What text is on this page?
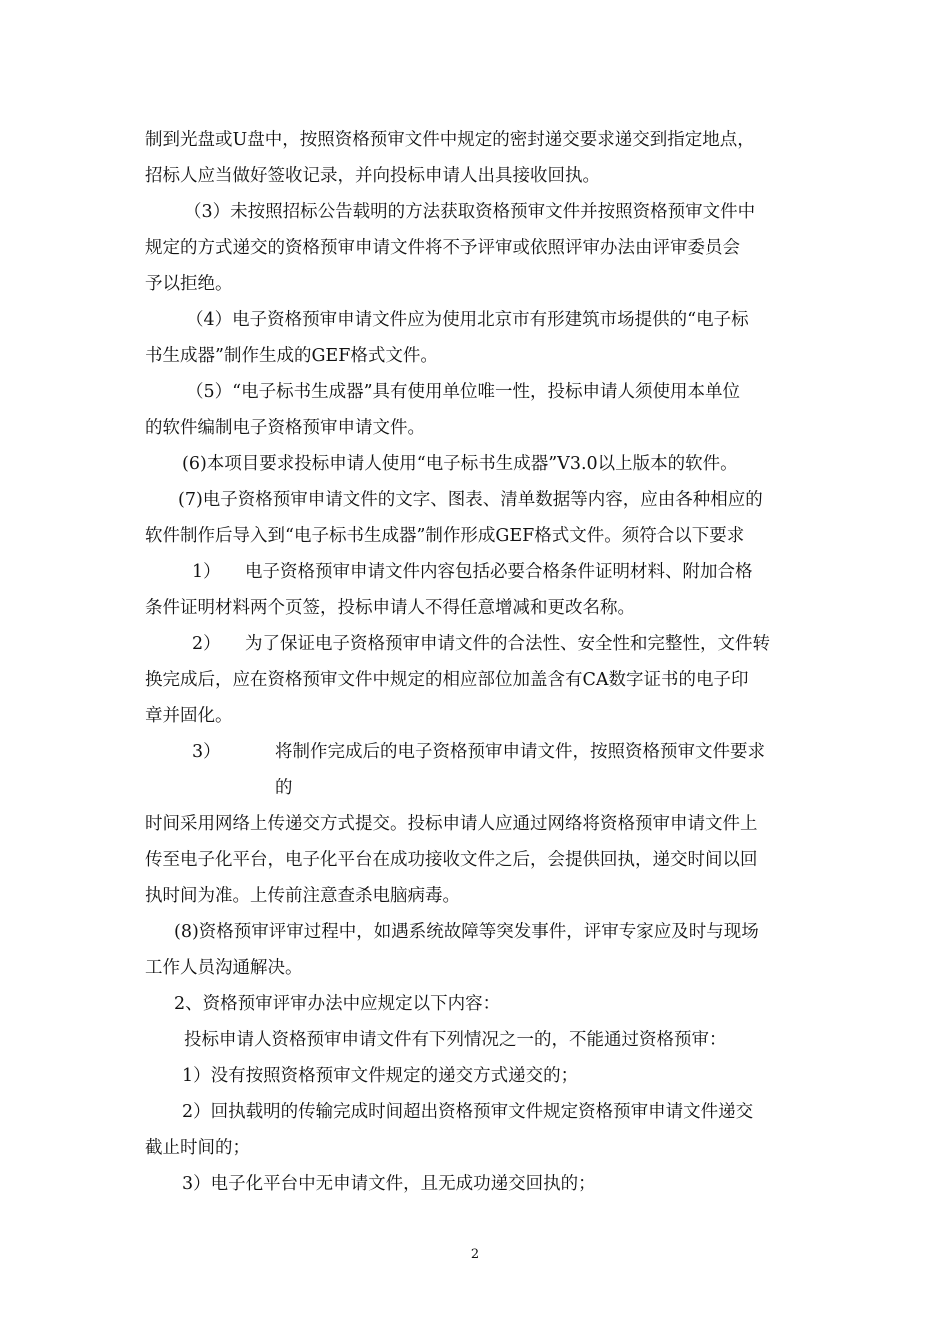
制到光盘或U盘中，按照资格预审文件中规定的密封递交要求递交到指定地点，
招标人应当做好签收记录，并向投标申请人出具接收回执。
（3）未按照招标公告载明的方法获取资格预审文件并按照资格预审文件中
规定的方式递交的资格预审申请文件将不予评审或依照评审办法由评审委员会
予以拒绝。
（4）电子资格预审申请文件应为使用北京市有形建筑市场提供的“电子标
书生成器”制作生成的GEF格式文件。
（5）“电子标书生成器”具有使用单位唯一性，投标申请人须使用本单位
的软件编制电子资格预审申请文件。
(6)本项目要求投标申请人使用“电子标书生成器”V3.0以上版本的软件。
(7)电子资格预审申请文件的文字、图表、清单数据等内容，应由各种相应的
软件制作后导入到“电子标书生成器”制作形成GEF格式文件。须符合以下要求
1） 电子资格预审申请文件内容包括必要合格条件证明材料、附加合格
条件证明材料两个页签，投标申请人不得任意增减和更改名称。
2） 为了保证电子资格预审申请文件的合法性、安全性和完整性，文件转
换完成后，应在资格预审文件中规定的相应部位加盖含有CA数字证书的电子印
章并固化。
3）	将制作完成后的电子资格预审申请文件，按照资格预审文件要求
的
时间采用网络上传递交方式提交。投标申请人应通过网络将资格预审申请文件上
传至电子化平台，电子化平台在成功接收文件之后，会提供回执，递交时间以回
执时间为准。上传前注意查杀电脑病毒。
(8)资格预审评审过程中，如遇系统故障等突发事件，评审专家应及时与现场
工作人员沟通解决。
2、资格预审评审办法中应规定以下内容：
投标申请人资格预审申请文件有下列情况之一的，不能通过资格预审：
1）没有按照资格预审文件规定的递交方式递交的；
2）回执载明的传输完成时间超出资格预审文件规定资格预审申请文件递交
截止时间的；
3）电子化平台中无申请文件，且无成功递交回执的；
2
